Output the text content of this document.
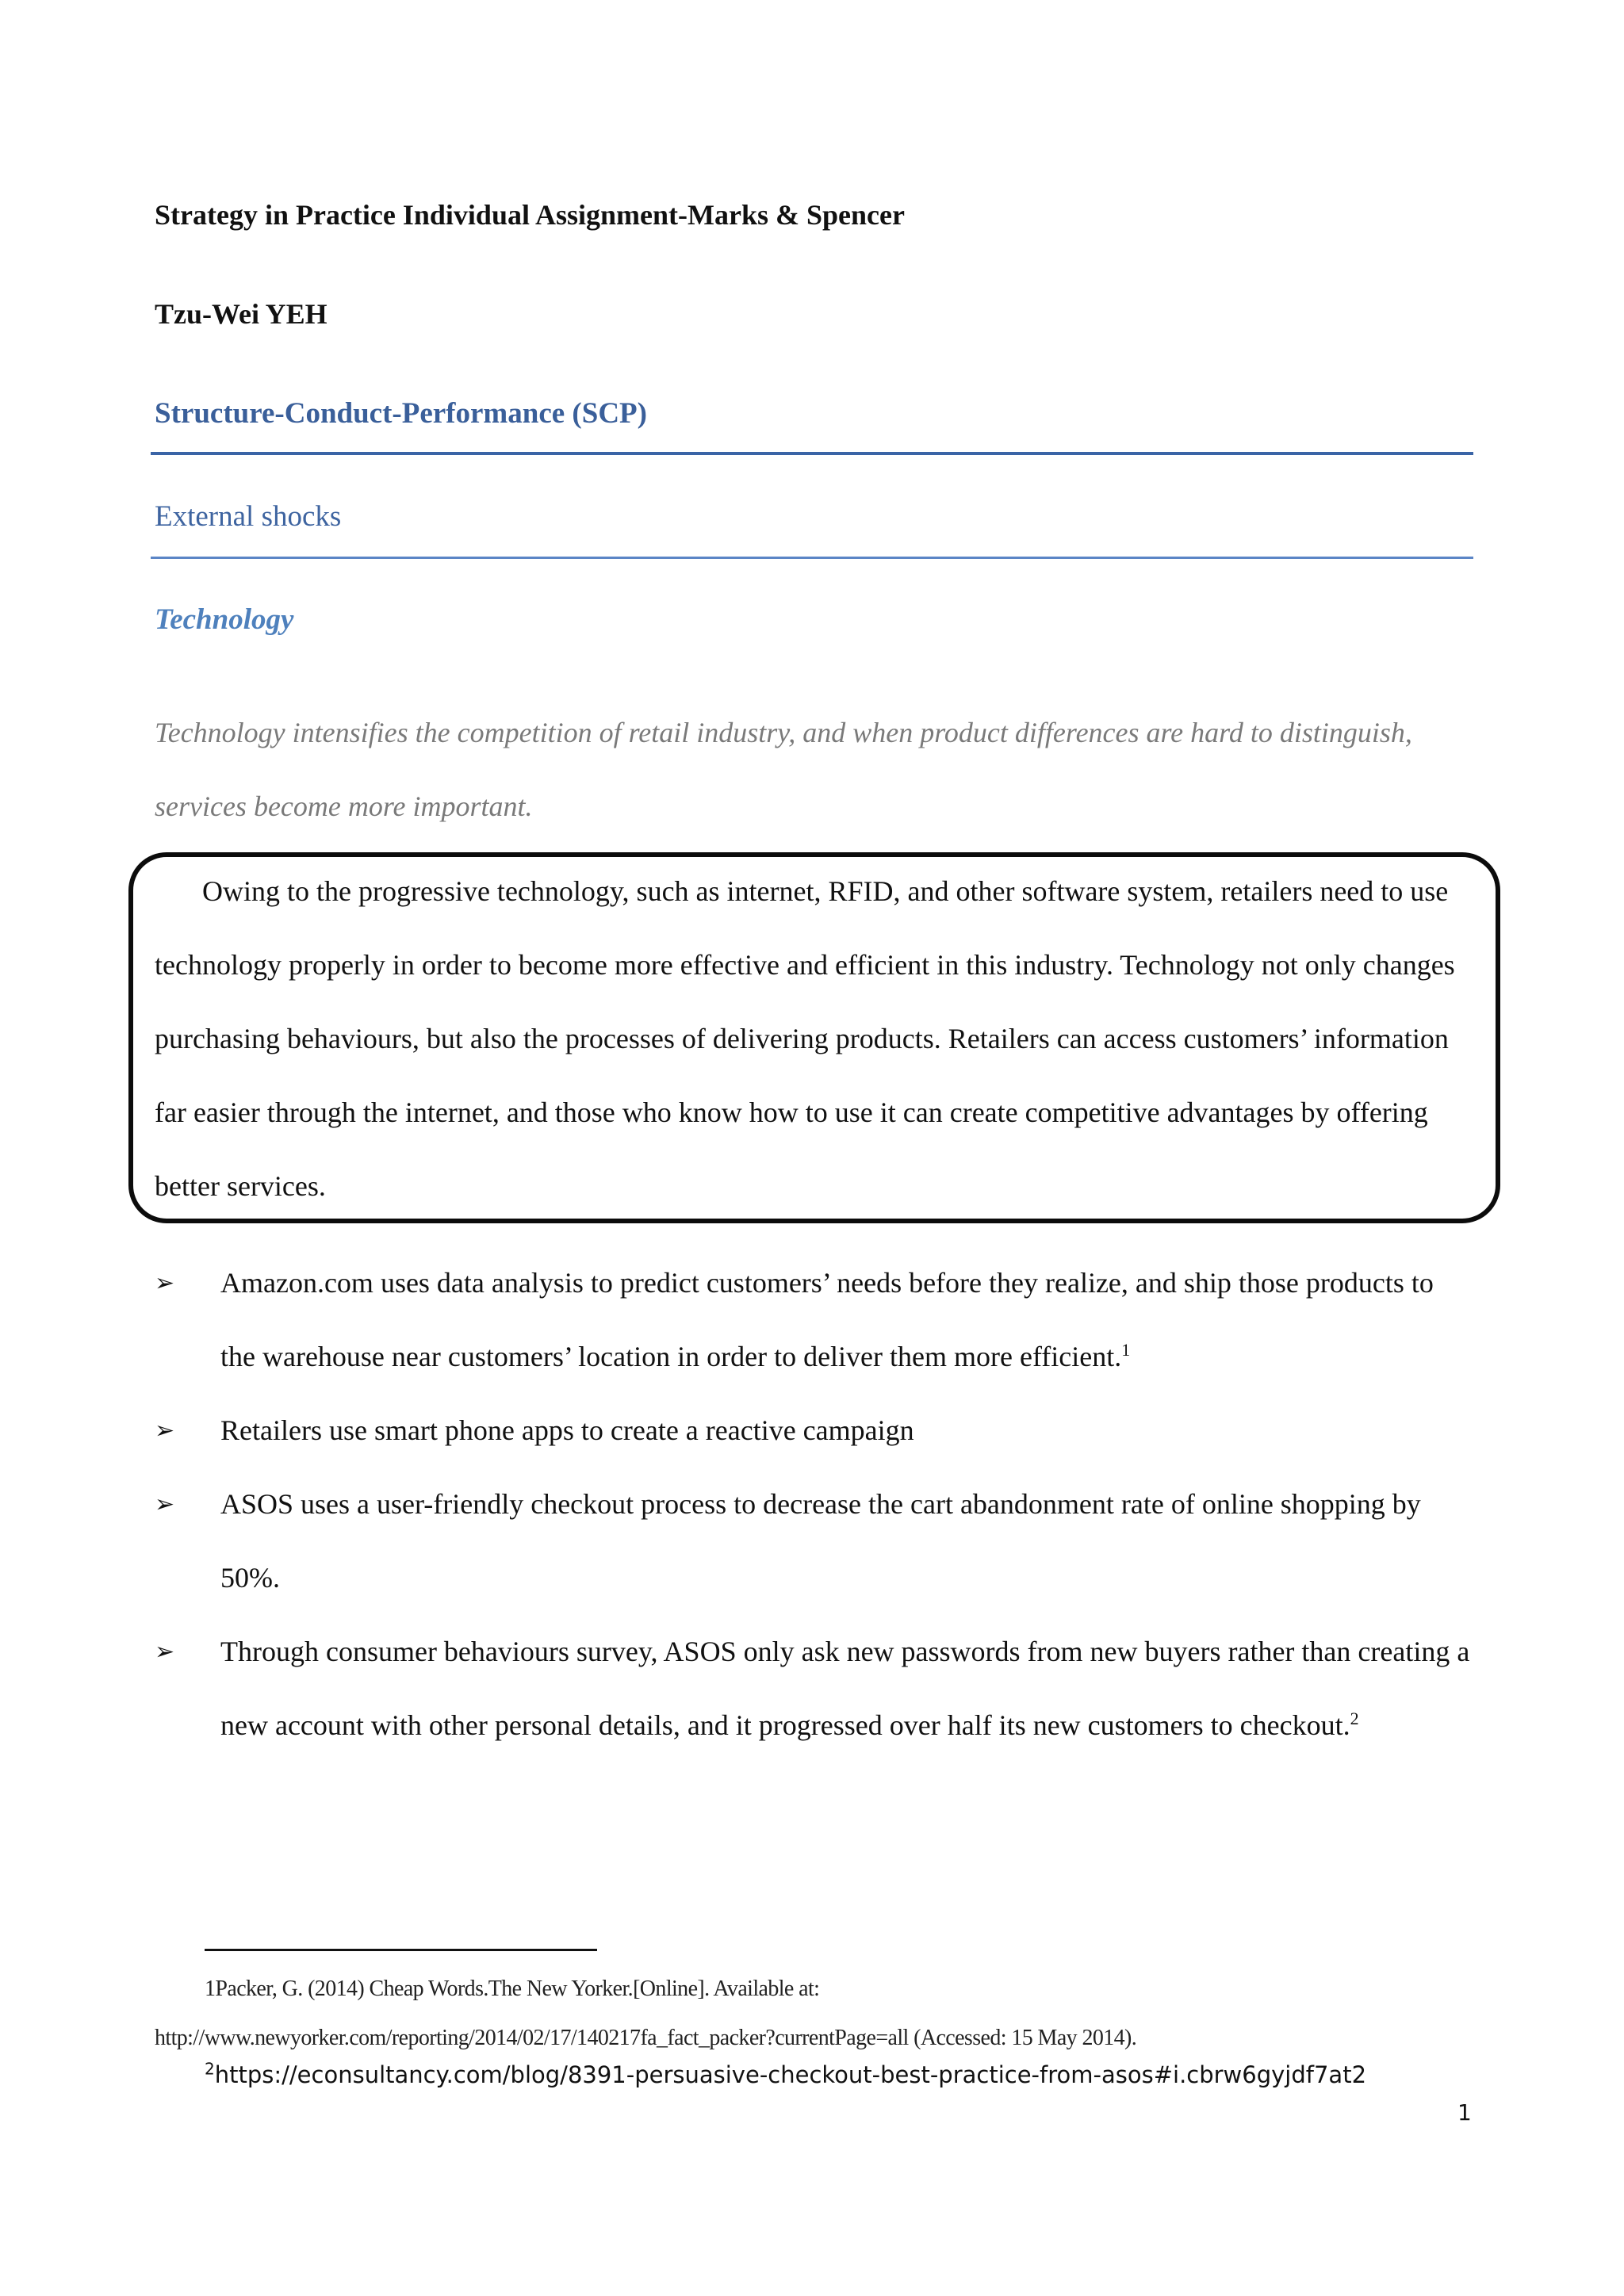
Strategy in Practice Individual Assignment-Marks & Spencer
Tzu-Wei YEH
Structure-Conduct-Performance (SCP)
External shocks
Technology
Technology intensifies the competition of retail industry, and when product differences are hard to distinguish, services become more important.

Owing to the progressive technology, such as internet, RFID, and other software system, retailers need to use technology properly in order to become more effective and efficient in this industry. Technology not only changes purchasing behaviours, but also the processes of delivering products. Retailers can access customers’ information far easier through the internet, and those who know how to use it can create competitive advantages by offering better services.

➢ Amazon.com uses data analysis to predict customers’ needs before they realize, and ship those products to the warehouse near customers’ location in order to deliver them more efficient.$^1$
➢ Retailers use smart phone apps to create a reactive campaign
➢ ASOS uses a user-friendly checkout process to decrease the cart abandonment rate of online shopping by 50%.
➢ Through consumer behaviours survey, ASOS only ask new passwords from new buyers rather than creating a new account with other personal details, and it progressed over half its new customers to checkout.$^2$
1Packer, G. (2014) Cheap Words.The New Yorker.[Online]. Available at:
http://www.newyorker.com/reporting/2014/02/17/140217fa_fact_packer?currentPage=all (Accessed: 15 May 2014).
$^2$https://econsultancy.com/blog/8391-persuasive-checkout-best-practice-from-asos#i.cbrw6gyjdf7at2
1
